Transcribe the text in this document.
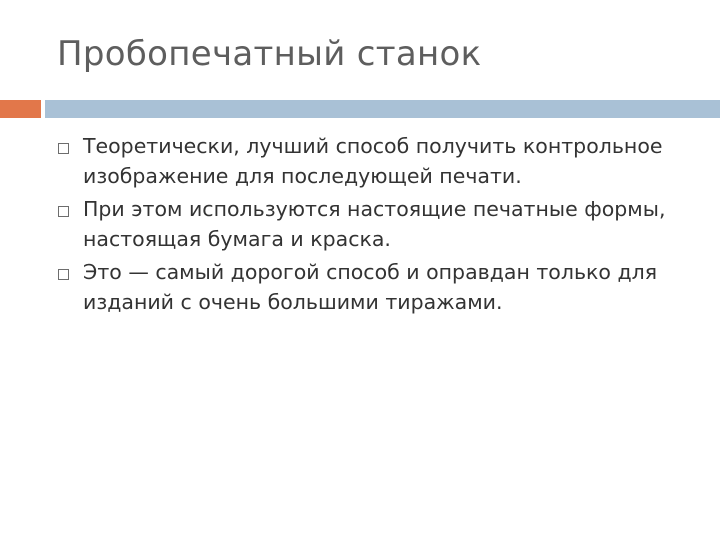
Пробопечатный станок
Теоретически, лучший способ получить контрольное изображение для последующей печати.
При этом используются настоящие печатные формы, настоящая бумага и краска.
Это — самый дорогой способ и оправдан только для изданий с очень большими тиражами.
